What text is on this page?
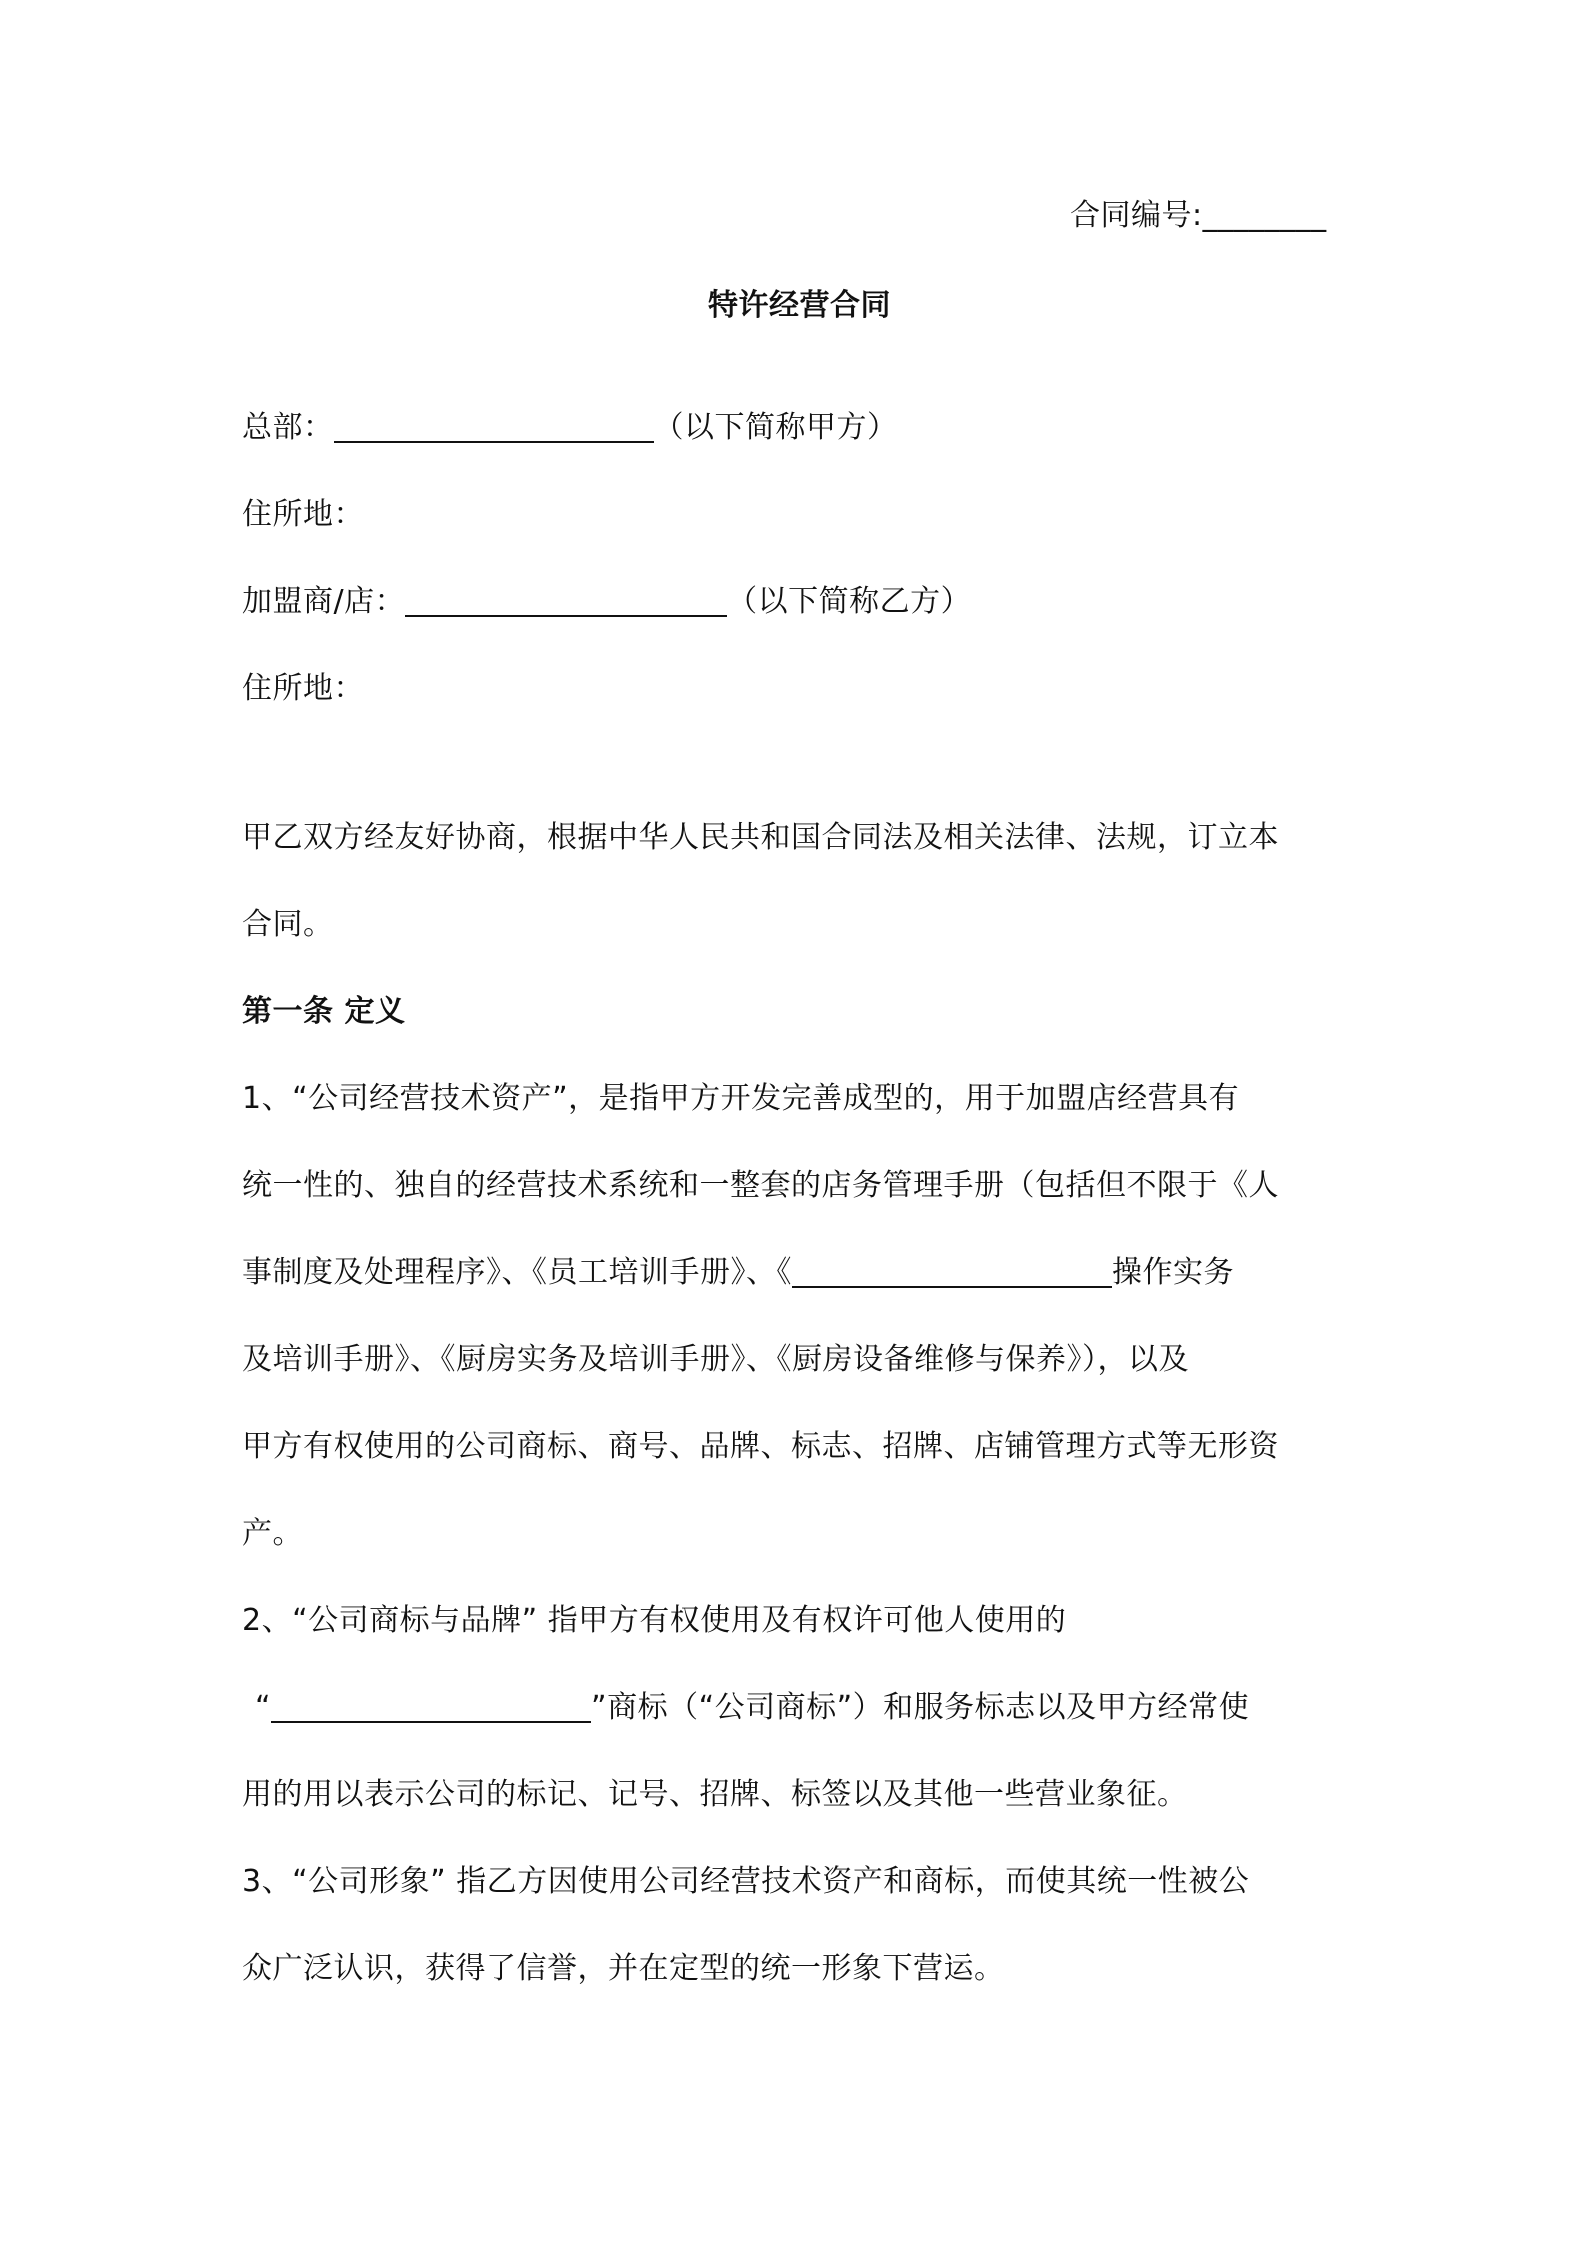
合同编号:________
特许经营合同
总部：	（以下简称甲方）
住所地：
加盟商/店：	（以下简称乙方）
住所地：
甲乙双方经友好协商，根据中华人民共和国合同法及相关法律、法规，订立本
合同。
第一条 定义
1、“公司经营技术资产”，是指甲方开发完善成型的，用于加盟店经营具有
统一性的、独自的经营技术系统和一整套的店务管理手册（包括但不限于《人
事制度及处理程序》、《员工培训手册》、《	操作实务
及培训手册》、《厨房实务及培训手册》、《厨房设备维修与保养》），以及
甲方有权使用的公司商标、商号、品牌、标志、招牌、店铺管理方式等无形资
产。
2、“公司商标与品牌” 指甲方有权使用及有权许可他人使用的
“	”商标（“公司商标”）和服务标志以及甲方经常使
用的用以表示公司的标记、记号、招牌、标签以及其他一些营业象征。
3、“公司形象” 指乙方因使用公司经营技术资产和商标，而使其统一性被公
众广泛认识，获得了信誉，并在定型的统一形象下营运。
